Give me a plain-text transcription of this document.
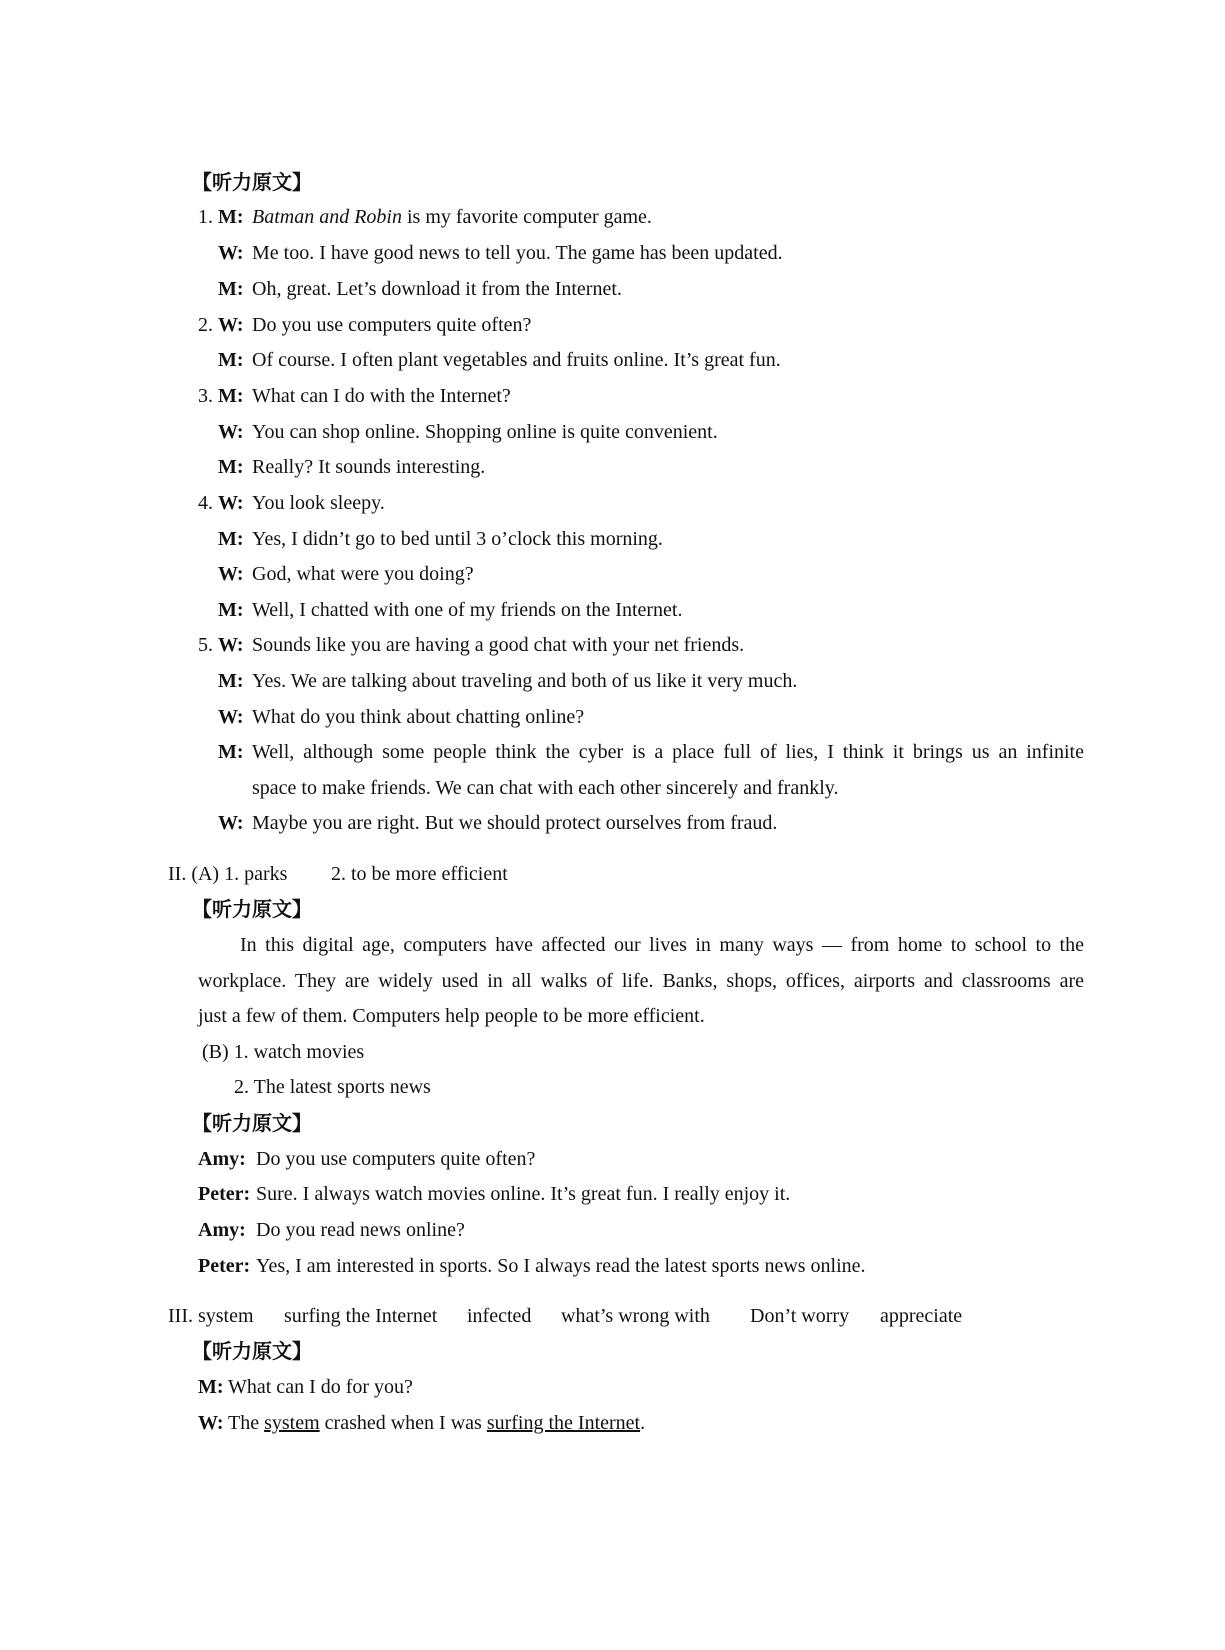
【听力原文】
1. M: Batman and Robin is my favorite computer game.
W: Me too. I have good news to tell you. The game has been updated.
M: Oh, great. Let’s download it from the Internet.
2. W: Do you use computers quite often?
M: Of course. I often plant vegetables and fruits online. It’s great fun.
3. M: What can I do with the Internet?
W: You can shop online. Shopping online is quite convenient.
M: Really? It sounds interesting.
4. W: You look sleepy.
M: Yes, I didn’t go to bed until 3 o’clock this morning.
W: God, what were you doing?
M: Well, I chatted with one of my friends on the Internet.
5. W: Sounds like you are having a good chat with your net friends.
M: Yes. We are talking about traveling and both of us like it very much.
W: What do you think about chatting online?
M: Well, although some people think the cyber is a place full of lies, I think it brings us an infinite
space to make friends. We can chat with each other sincerely and frankly.
W: Maybe you are right. But we should protect ourselves from fraud.
II. (A) 1. parks 2. to be more efficient
【听力原文】
In this digital age, computers have affected our lives in many ways — from home to school to the
workplace. They are widely used in all walks of life. Banks, shops, offices, airports and classrooms are
just a few of them. Computers help people to be more efficient.
(B) 1. watch movies
2. The latest sports news
【听力原文】
Amy: Do you use computers quite often?
Peter: Sure. I always watch movies online. It’s great fun. I really enjoy it.
Amy: Do you read news online?
Peter: Yes, I am interested in sports. So I always read the latest sports news online.
III. system surfing the Internet infected what’s wrong with Don’t worry appreciate
【听力原文】
M: What can I do for you?
W: The system crashed when I was surfing the Internet.
